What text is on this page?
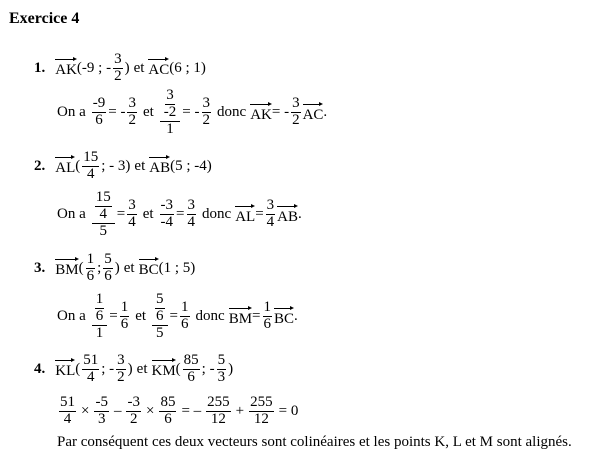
Exercice 4
1. AK (-9 ; - $\frac{3}{2}$ ) et AC (6 ; 1)
On a $\frac{-9}{6}$ = - $\frac{3}{2}$ et $\frac{\frac{3}{-2}}{1}$ = - $\frac{3}{2}$ donc AK = - $\frac{3}{2}$ AC .
2. AL ( $\frac{15}{4}$ ; - 3) et AB (5 ; -4)
On a $\frac{\frac{15}{4}}{5} = \frac{3}{4}$ et $\frac{-3}{-4} = \frac{3}{4}$ donc AL = $\frac{3}{4}$ AB .
3. BM ( $\frac{1}{6}$ ; $\frac{5}{6}$ ) et BC (1 ; 5)
On a $\frac{\frac{1}{6}}{1} = \frac{1}{6}$ et $\frac{\frac{5}{6}}{5} = \frac{1}{6}$ donc BM = $\frac{1}{6}$ BC .
4. KL ( $\frac{51}{4}$ ; - $\frac{3}{2}$ ) et KM ( $\frac{85}{6}$ ; - $\frac{5}{3}$ )
$\frac{51}{4} \times \frac{-5}{3} - \frac{-3}{2} \times \frac{85}{6}$ = – $\frac{255}{12} + \frac{255}{12} = 0$
Par conséquent ces deux vecteurs sont colinéaires et les points K, L et M sont alignés.
